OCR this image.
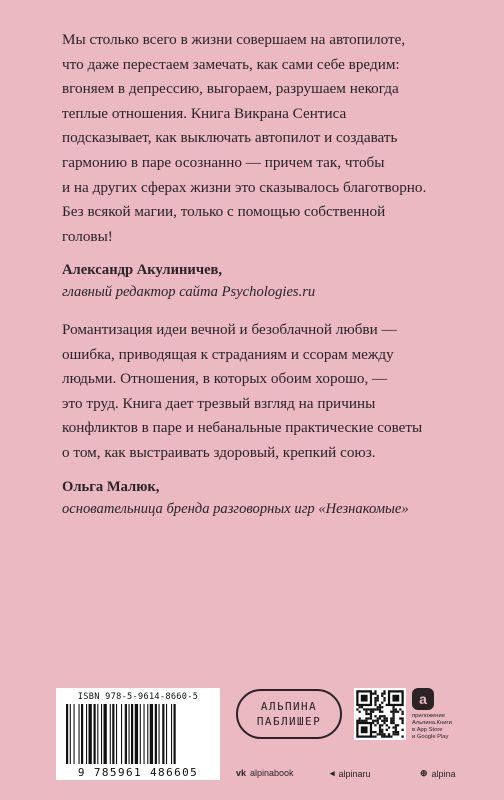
Мы столько всего в жизни совершаем на автопилоте,
что даже перестаем замечать, как сами себе вредим:
вгоняем в депрессию, выгораем, разрушаем некогда
теплые отношения. Книга Викрана Сентиса
подсказывает, как выключать автопилот и создавать
гармонию в паре осознанно — причем так, чтобы
и на других сферах жизни это сказывалось благотворно.
Без всякой магии, только с помощью собственной
головы!

Александр Акулиничев,
главный редактор сайта Psychologies.ru

Романтизация идеи вечной и безоблачной любви —
ошибка, приводящая к страданиям и ссорам между
людьми. Отношения, в которых обоим хорошо, —
это труд. Книга дает трезвый взгляд на причины
конфликтов в паре и небанальные практические советы
о том, как выстраивать здоровый, крепкий союз.

Ольга Малюк,
основательница бренда разговорных игр «Незнакомые»
ISBN 978-5-9614-8660-5
9 785961 486605
АЛЬПИНА
ПАБЛИШЕР
a
приложение
Альпина.Книги
в App Store
и Google Play
vk alpinabook	◂ alpinaru	⊕ alpina
